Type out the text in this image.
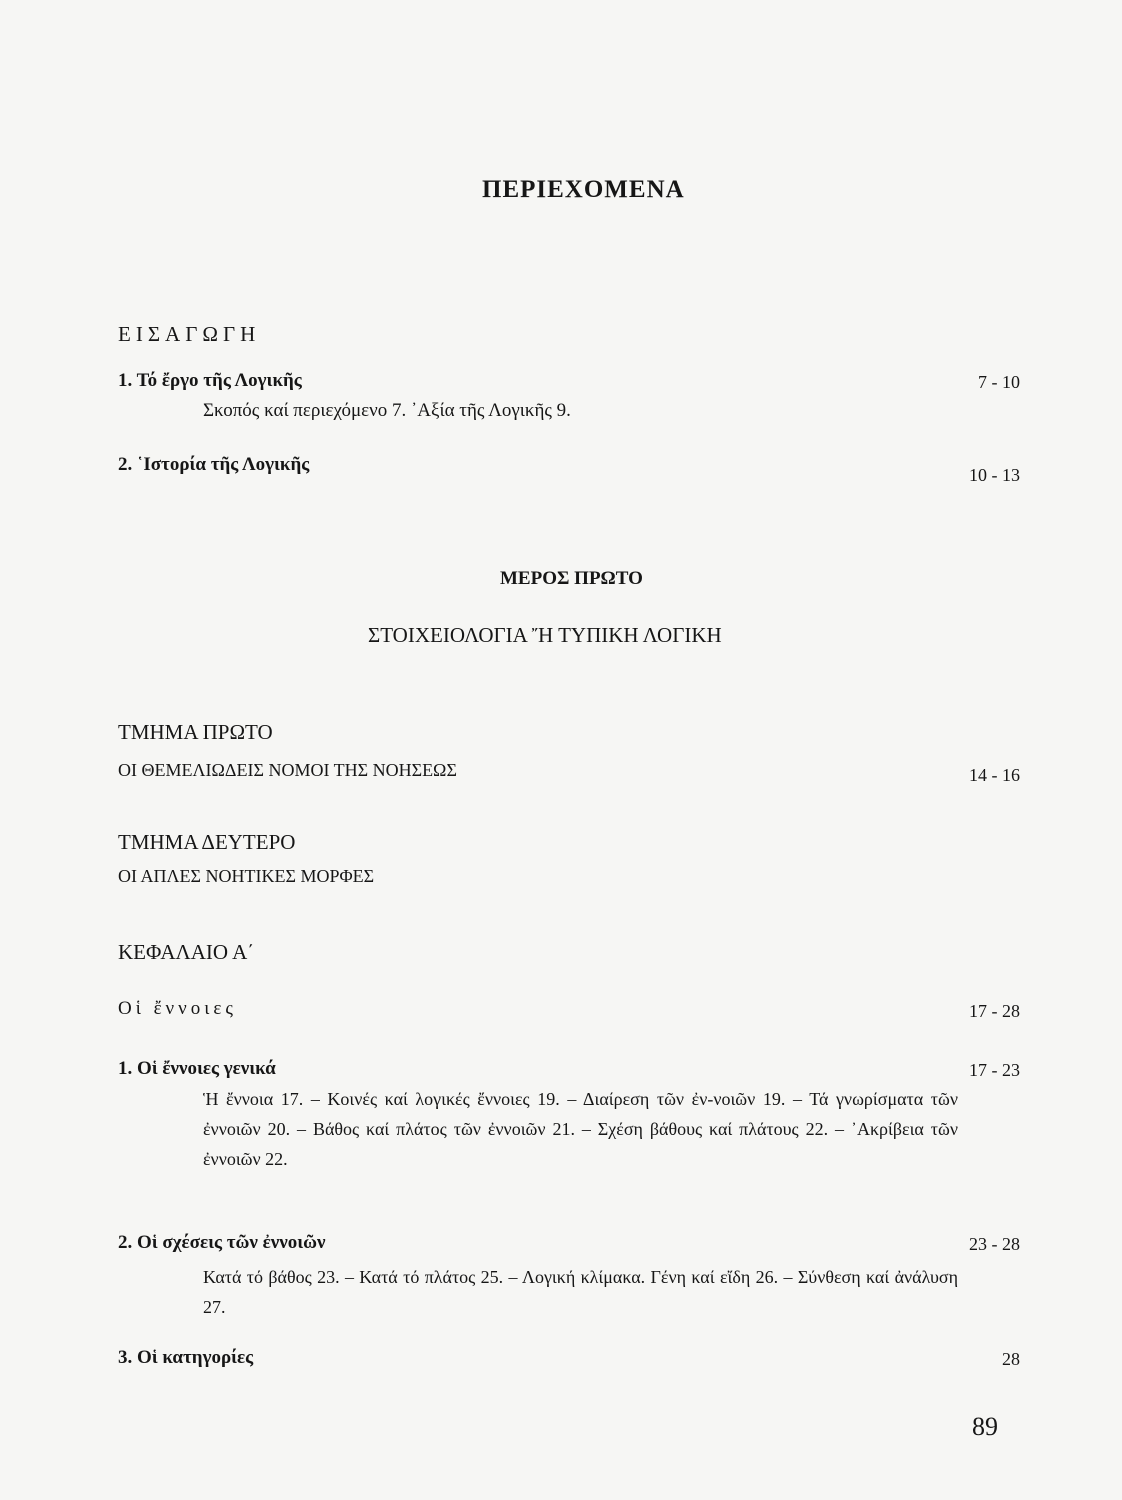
ΠΕΡΙΕΧΟΜΕΝΑ
ΕΙΣΑΓΩΓΗ
1. Τό ἔργο τῆς Λογικῆς	7 - 10
Σκοπός καί περιεχόμενο 7. ᾿Αξία τῆς Λογικῆς 9.
2. ῾Ιστορία τῆς Λογικῆς	10 - 13
ΜΕΡΟΣ ΠΡΩΤΟ
ΣΤΟΙΧΕΙΟΛΟΓΙΑ Ἤ ΤΥΠΙΚΗ ΛΟΓΙΚΗ
ΤΜΗΜΑ ΠΡΩΤΟ
ΟΙ ΘΕΜΕΛΙΩΔΕΙΣ ΝΟΜΟΙ ΤΗΣ ΝΟΗΣΕΩΣ	14 - 16
ΤΜΗΜΑ ΔΕΥΤΕΡΟ
ΟΙ ΑΠΛΕΣ ΝΟΗΤΙΚΕΣ ΜΟΡΦΕΣ
ΚΕΦΑΛΑΙΟ Α΄
Οἱ ἔννοιες	17 - 28
1. Οἱ ἔννοιες γενικά	17 - 23
Ἡ ἔννοια 17. – Κοινές καί λογικές ἔννοιες 19. – Διαίρεση τῶν ἐν-νοιῶν 19. – Τά γνωρίσματα τῶν ἐννοιῶν 20. – Βάθος καί πλάτος τῶν ἐννοιῶν 21. – Σχέση βάθους καί πλάτους 22. – ᾿Ακρίβεια τῶν ἐννοιῶν 22.
2. Οἱ σχέσεις τῶν ἐννοιῶν	23 - 28
Κατά τό βάθος 23. – Κατά τό πλάτος 25. – Λογική κλίμακα. Γένη καί εἴδη 26. – Σύνθεση καί ἀνάλυση 27.
3. Οἱ κατηγορίες	28
89
